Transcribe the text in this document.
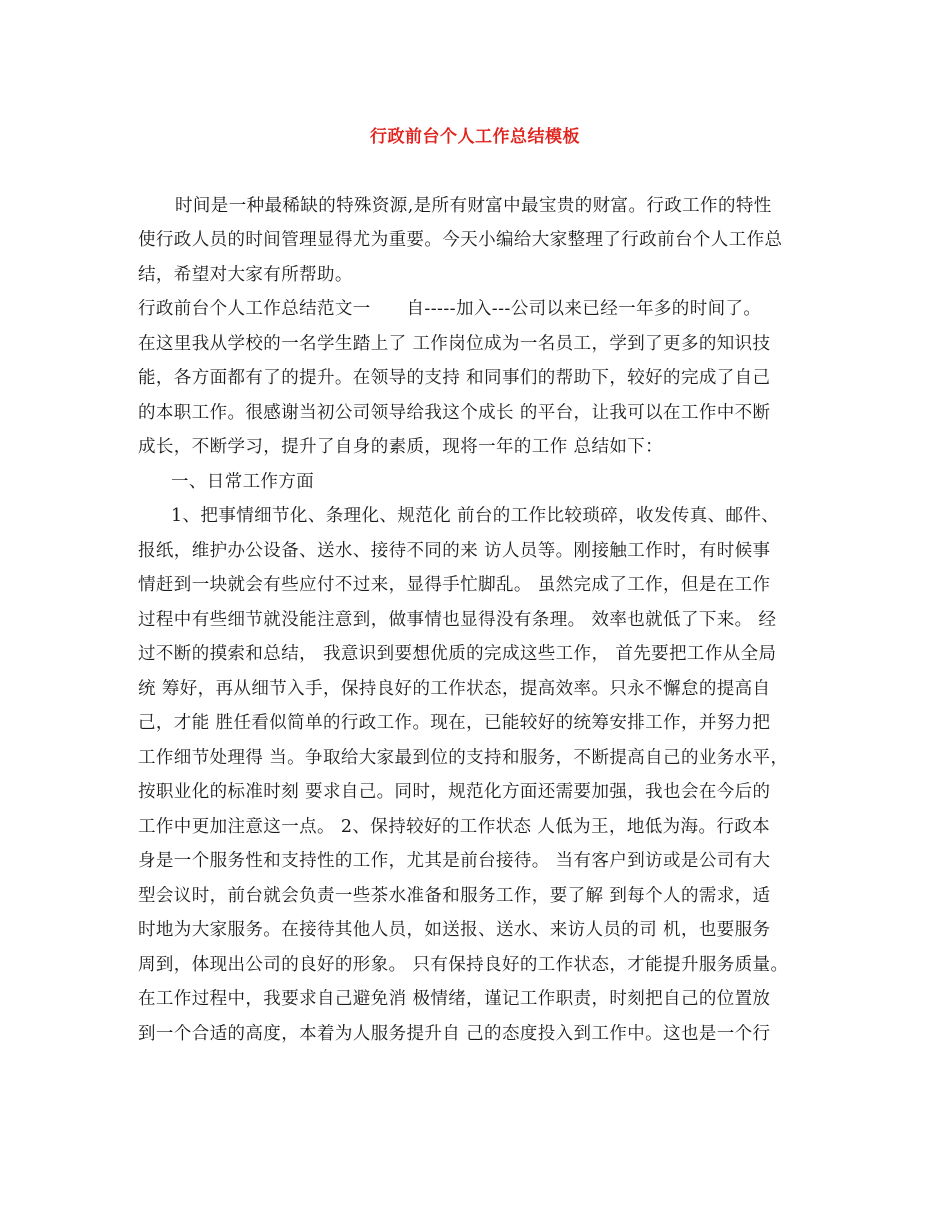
行政前台个人工作总结模板
时间是一种最稀缺的特殊资源,是所有财富中最宝贵的财富。行政工作的特性
使行政人员的时间管理显得尤为重要。今天小编给大家整理了行政前台个人工作总
结，希望对大家有所帮助。
行政前台个人工作总结范文一　　自-----加入---公司以来已经一年多的时间了。
在这里我从学校的一名学生踏上了 工作岗位成为一名员工，学到了更多的知识技
能，各方面都有了的提升。在领导的支持 和同事们的帮助下，较好的完成了自己
的本职工作。很感谢当初公司领导给我这个成长 的平台，让我可以在工作中不断
成长，不断学习，提升了自身的素质，现将一年的工作 总结如下：
一、日常工作方面
1、把事情细节化、条理化、规范化 前台的工作比较琐碎，收发传真、邮件、
报纸，维护办公设备、送水、接待不同的来 访人员等。刚接触工作时，有时候事
情赶到一块就会有些应付不过来，显得手忙脚乱。 虽然完成了工作，但是在工作
过程中有些细节就没能注意到，做事情也显得没有条理。 效率也就低了下来。 经
过不断的摸索和总结， 我意识到要想优质的完成这些工作， 首先要把工作从全局
统 筹好，再从细节入手，保持良好的工作状态，提高效率。只永不懈怠的提高自
己，才能 胜任看似简单的行政工作。现在，已能较好的统筹安排工作，并努力把
工作细节处理得 当。争取给大家最到位的支持和服务，不断提高自己的业务水平，
按职业化的标准时刻 要求自己。同时，规范化方面还需要加强，我也会在今后的
工作中更加注意这一点。 2、保持较好的工作状态 人低为王，地低为海。行政本
身是一个服务性和支持性的工作，尤其是前台接待。 当有客户到访或是公司有大
型会议时，前台就会负责一些茶水准备和服务工作，要了解 到每个人的需求，适
时地为大家服务。在接待其他人员，如送报、送水、来访人员的司 机，也要服务
周到，体现出公司的良好的形象。 只有保持良好的工作状态，才能提升服务质量。
在工作过程中，我要求自己避免消 极情绪，谨记工作职责，时刻把自己的位置放
到一个合适的高度，本着为人服务提升自 己的态度投入到工作中。这也是一个行
